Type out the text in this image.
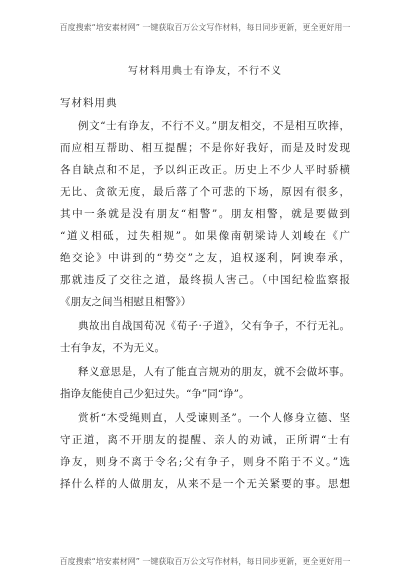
百度搜索“培安素材网” 一键获取百万公文写作材料，每日同步更新，更全更好用一
写材料用典士有诤友，不行不义
写材料用典
例文“士有诤友，不行不义。”朋友相交，不是相互吹捧，
而应相互帮助、相互提醒；不是你好我好，而是及时发现
各自缺点和不足，予以纠正改正。历史上不少人平时骄横
无比、贪欲无度，最后落了个可悲的下场，原因有很多，
其中一条就是没有朋友“相警”。朋友相警，就是要做到
“道义相砥，过失相规”。如果像南朝梁诗人刘峻在《广
绝交论》中讲到的“势交”之友，追权逐利，阿谀奉承，
那就违反了交往之道，最终损人害己。（中国纪检监察报
《朋友之间当相慰且相警》）
典故出自战国荀况《荀子·子道》，父有争子，不行无礼。
士有争友，不为无义。
释义意思是，人有了能直言规劝的朋友，就不会做坏事。
指诤友能使自己少犯过失。“争”同“诤”。
赏析“木受绳则直，人受谏则圣”。一个人修身立德、坚
守正道，离不开朋友的提醒、亲人的劝诫，正所谓“士有
诤友，则身不离于令名;父有争子，则身不陷于不义。”选
择什么样的人做朋友，从来不是一个无关紧要的事。思想
百度搜索“培安素材网” 一键获取百万公文写作材料，每日同步更新，更全更好用一
